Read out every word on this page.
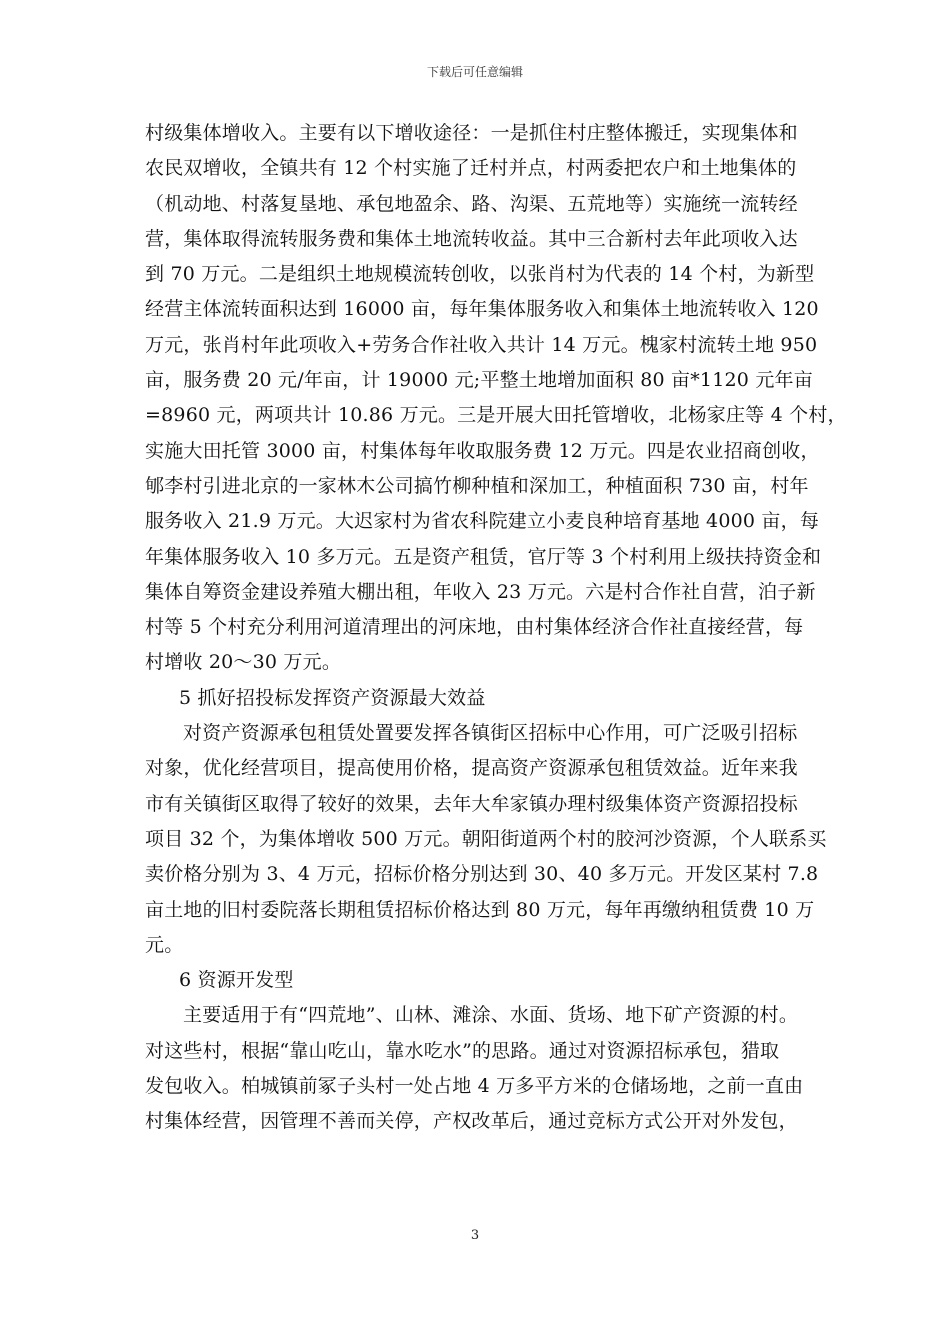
下载后可任意编辑
村级集体增收入。主要有以下增收途径：一是抓住村庄整体搬迁，实现集体和
农民双增收，全镇共有 12 个村实施了迁村并点，村两委把农户和土地集体的
（机动地、村落复垦地、承包地盈余、路、沟渠、五荒地等）实施统一流转经
营，集体取得流转服务费和集体土地流转收益。其中三合新村去年此项收入达
到 70 万元。二是组织土地规模流转创收，以张肖村为代表的 14 个村，为新型
经营主体流转面积达到 16000 亩，每年集体服务收入和集体土地流转收入 120
万元，张肖村年此项收入+劳务合作社收入共计 14 万元。槐家村流转土地 950
亩，服务费 20 元/年亩，计 19000 元;平整土地增加面积 80 亩*1120 元年亩
=8960 元，两项共计 10.86 万元。三是开展大田托管增收，北杨家庄等 4 个村，
实施大田托管 3000 亩，村集体每年收取服务费 12 万元。四是农业招商创收，
郇李村引进北京的一家林木公司搞竹柳种植和深加工，种植面积 730 亩，村年
服务收入 21.9 万元。大迟家村为省农科院建立小麦良种培育基地 4000 亩，每
年集体服务收入 10 多万元。五是资产租赁，官厅等 3 个村利用上级扶持资金和
集体自筹资金建设养殖大棚出租，年收入 23 万元。六是村合作社自营，泊子新
村等 5 个村充分利用河道清理出的河床地，由村集体经济合作社直接经营，每
村增收 20～30 万元。
5 抓好招投标发挥资产资源最大效益
对资产资源承包租赁处置要发挥各镇街区招标中心作用，可广泛吸引招标
对象，优化经营项目，提高使用价格，提高资产资源承包租赁效益。近年来我
市有关镇街区取得了较好的效果，去年大牟家镇办理村级集体资产资源招投标
项目 32 个，为集体增收 500 万元。朝阳街道两个村的胶河沙资源，个人联系买
卖价格分别为 3、4 万元，招标价格分别达到 30、40 多万元。开发区某村 7.8
亩土地的旧村委院落长期租赁招标价格达到 80 万元，每年再缴纳租赁费 10 万
元。
6 资源开发型
主要适用于有“四荒地”、山林、滩涂、水面、货场、地下矿产资源的村。
对这些村，根据“靠山吃山，靠水吃水”的思路。通过对资源招标承包，猎取
发包收入。柏城镇前冢子头村一处占地 4 万多平方米的仓储场地，之前一直由
村集体经营，因管理不善而关停，产权改革后，通过竞标方式公开对外发包，
3
